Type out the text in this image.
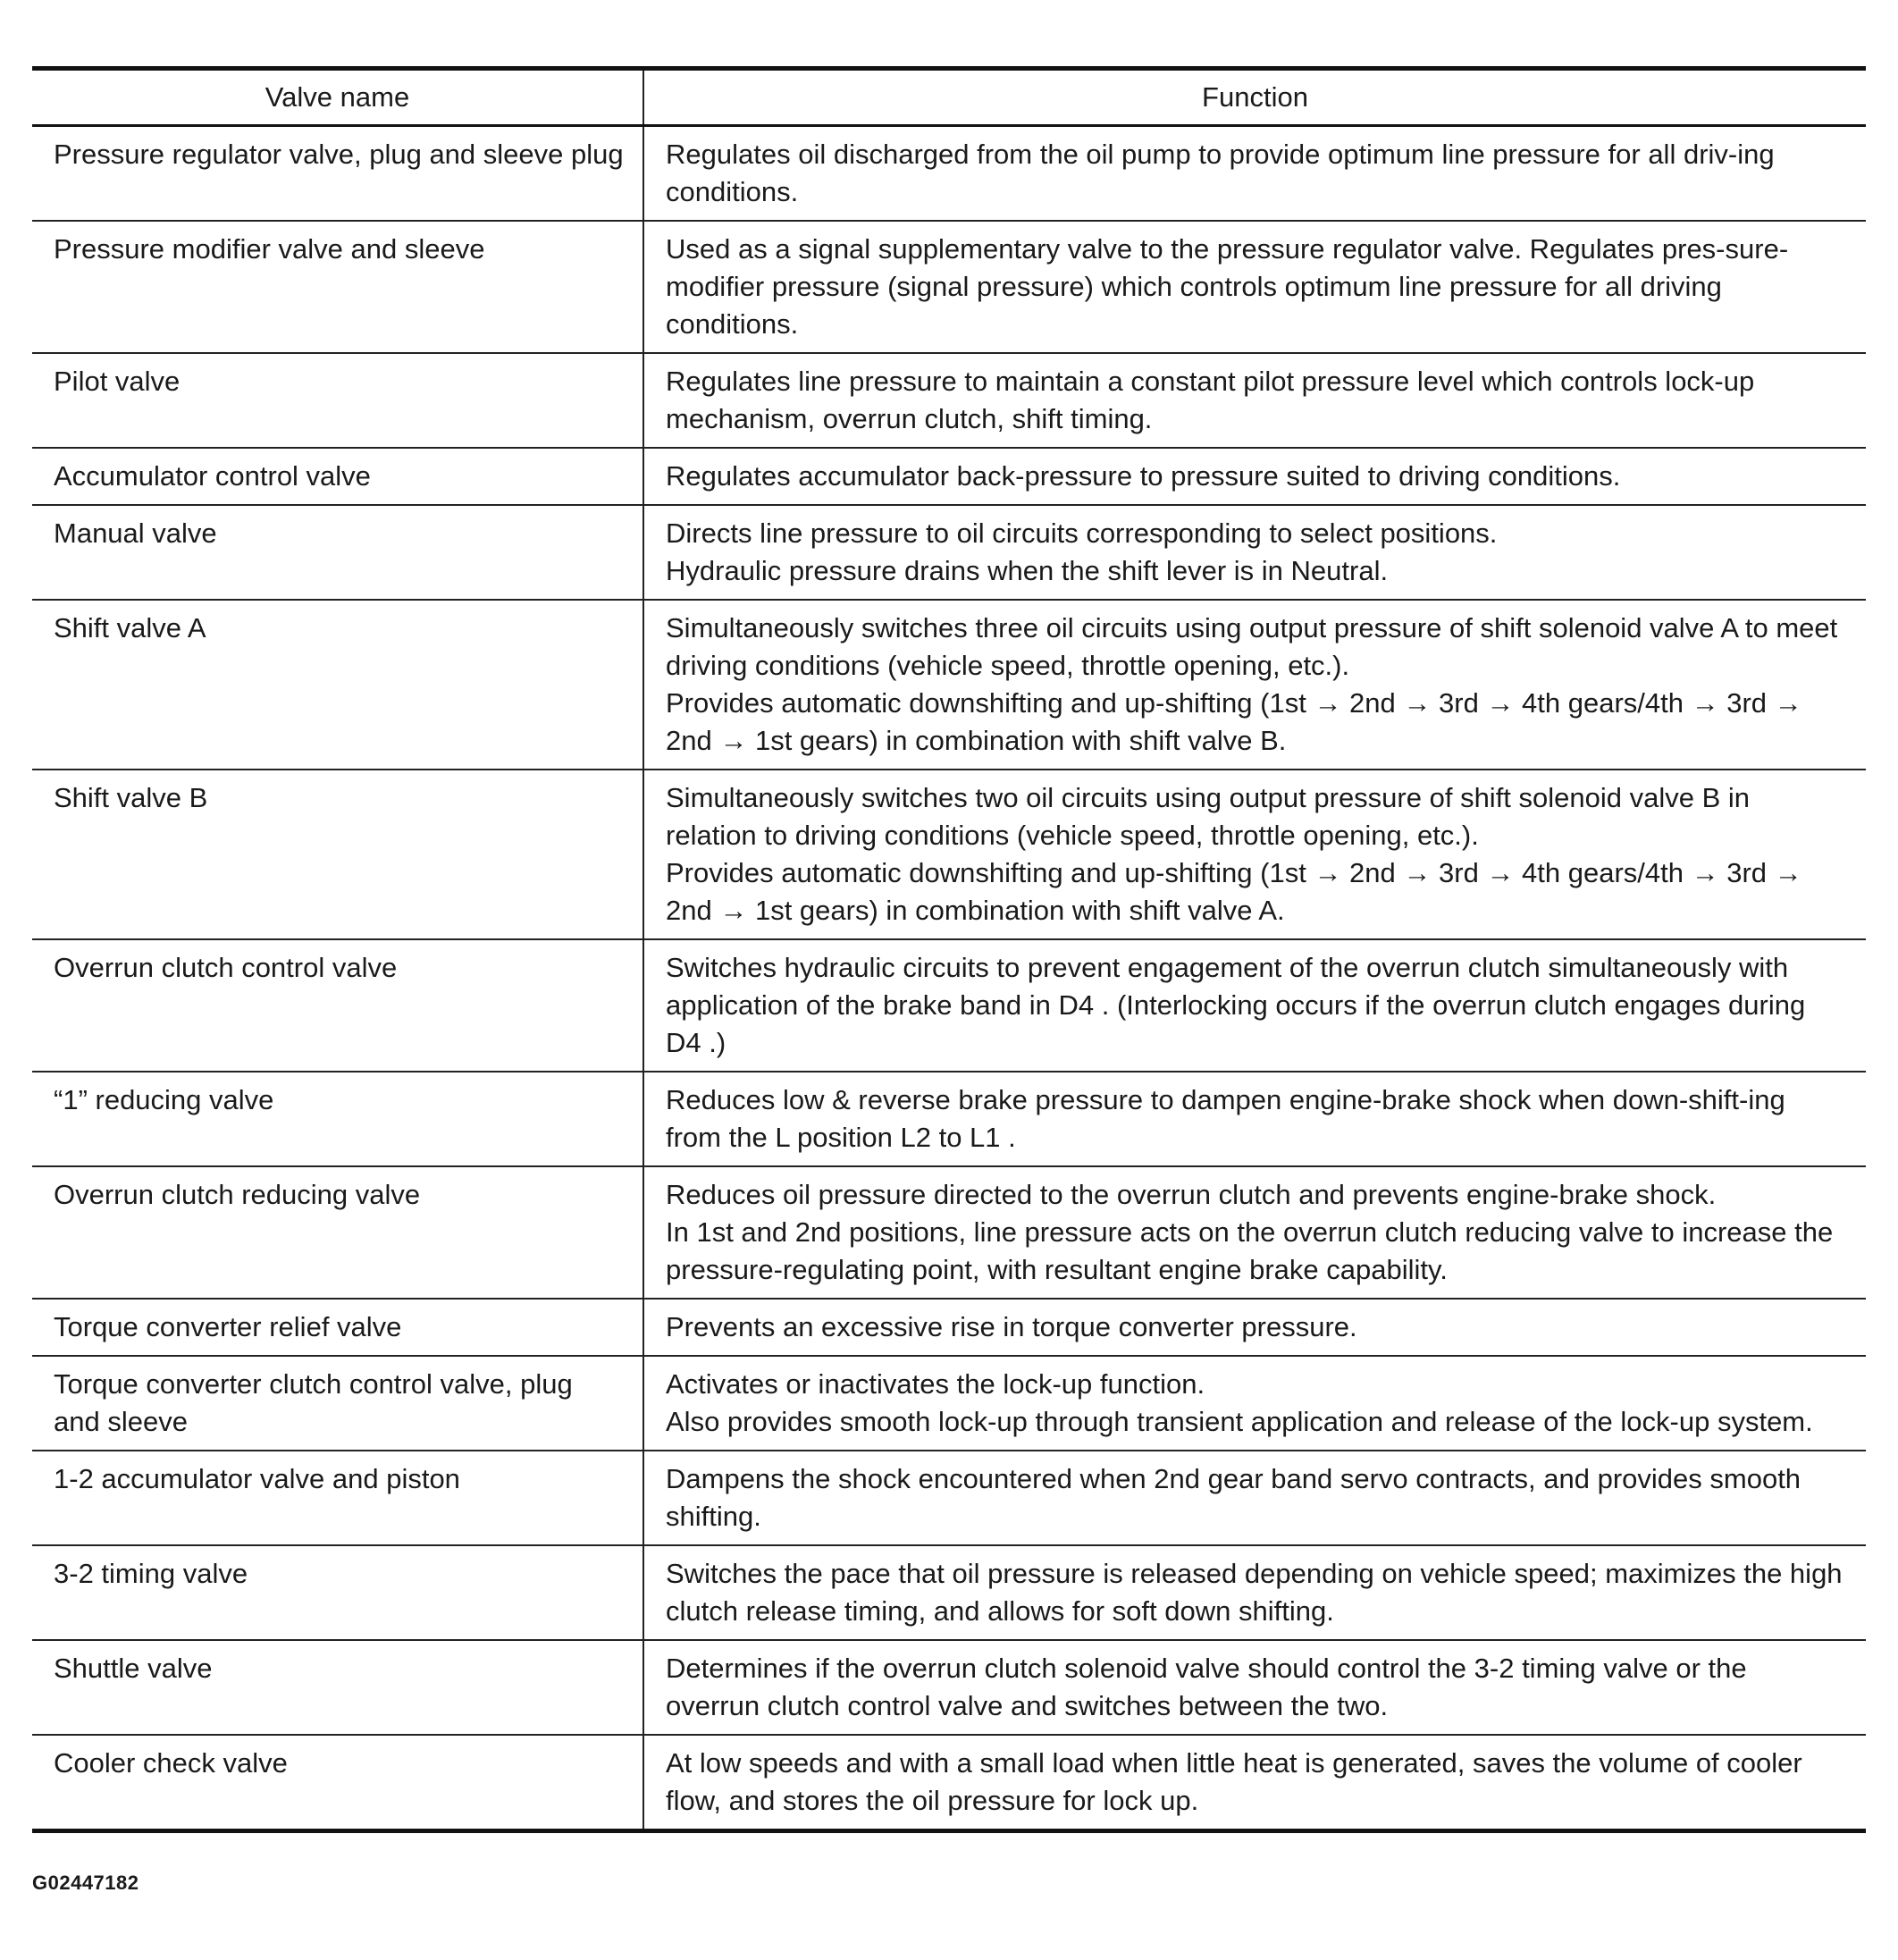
Valve name	Function
Pressure regulator valve, plug and sleeve plug	Regulates oil discharged from the oil pump to provide optimum line pressure for all driv-ing conditions.
Pressure modifier valve and sleeve	Used as a signal supplementary valve to the pressure regulator valve. Regulates pres-sure-modifier pressure (signal pressure) which controls optimum line pressure for all driving conditions.
Pilot valve	Regulates line pressure to maintain a constant pilot pressure level which controls lock-up mechanism, overrun clutch, shift timing.
Accumulator control valve	Regulates accumulator back-pressure to pressure suited to driving conditions.
Manual valve	Directs line pressure to oil circuits corresponding to select positions.
Hydraulic pressure drains when the shift lever is in Neutral.
Shift valve A	Simultaneously switches three oil circuits using output pressure of shift solenoid valve A to meet driving conditions (vehicle speed, throttle opening, etc.).
Provides automatic downshifting and up-shifting (1st → 2nd → 3rd → 4th gears/4th → 3rd → 2nd → 1st gears) in combination with shift valve B.
Shift valve B	Simultaneously switches two oil circuits using output pressure of shift solenoid valve B in relation to driving conditions (vehicle speed, throttle opening, etc.).
Provides automatic downshifting and up-shifting (1st → 2nd → 3rd → 4th gears/4th → 3rd → 2nd → 1st gears) in combination with shift valve A.
Overrun clutch control valve	Switches hydraulic circuits to prevent engagement of the overrun clutch simultaneously with application of the brake band in D4 . (Interlocking occurs if the overrun clutch engages during D4 .)
“1” reducing valve	Reduces low & reverse brake pressure to dampen engine-brake shock when down-shift-ing from the L position L2 to L1 .
Overrun clutch reducing valve	Reduces oil pressure directed to the overrun clutch and prevents engine-brake shock.
In 1st and 2nd positions, line pressure acts on the overrun clutch reducing valve to increase the pressure-regulating point, with resultant engine brake capability.
Torque converter relief valve	Prevents an excessive rise in torque converter pressure.
Torque converter clutch control valve, plug and sleeve	Activates or inactivates the lock-up function.
Also provides smooth lock-up through transient application and release of the lock-up system.
1-2 accumulator valve and piston	Dampens the shock encountered when 2nd gear band servo contracts, and provides smooth shifting.
3-2 timing valve	Switches the pace that oil pressure is released depending on vehicle speed; maximizes the high clutch release timing, and allows for soft down shifting.
Shuttle valve	Determines if the overrun clutch solenoid valve should control the 3-2 timing valve or the overrun clutch control valve and switches between the two.
Cooler check valve	At low speeds and with a small load when little heat is generated, saves the volume of cooler flow, and stores the oil pressure for lock up.
G02447182
